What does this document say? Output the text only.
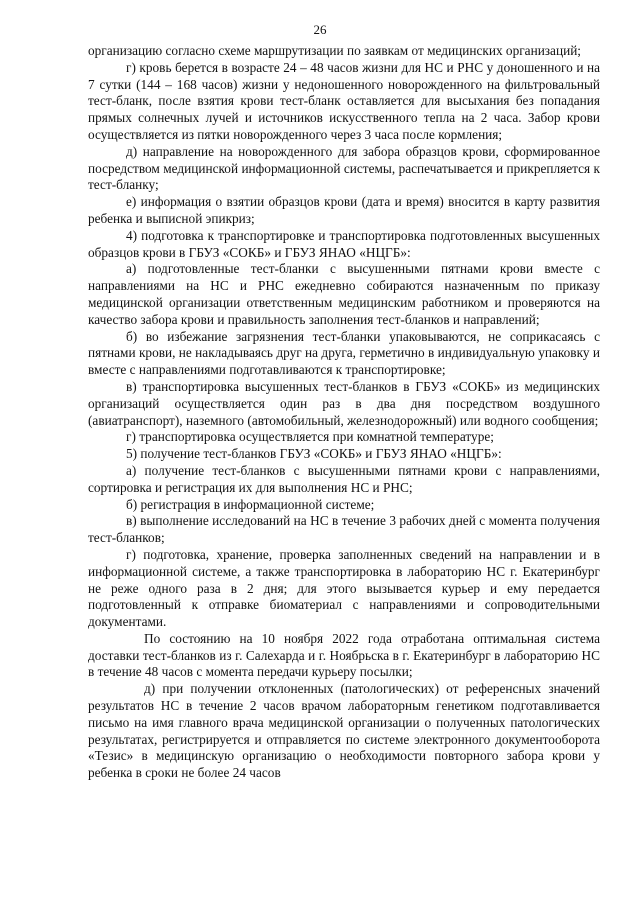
26

организацию согласно схеме маршрутизации по заявкам от медицинских организаций;

г) кровь берется в возрасте 24 – 48 часов жизни для НС и РНС у доношенного и на 7 сутки (144 – 168 часов) жизни у недоношенного новорожденного на фильтровальный тест-бланк, после взятия крови тест-бланк оставляется для высыхания без попадания прямых солнечных лучей и источников искусственного тепла на 2 часа. Забор крови осуществляется из пятки новорожденного через 3 часа после кормления;

д) направление на новорожденного для забора образцов крови, сформированное посредством медицинской информационной системы, распечатывается и прикрепляется к тест-бланку;

е) информация о взятии образцов крови (дата и время) вносится в карту развития ребенка и выписной эпикриз;

4) подготовка к транспортировке и транспортировка подготовленных высушенных образцов крови в ГБУЗ «СОКБ» и ГБУЗ ЯНАО «НЦГБ»:

а) подготовленные тест-бланки с высушенными пятнами крови вместе с направлениями на НС и РНС ежедневно собираются назначенным по приказу медицинской организации ответственным медицинским работником и проверяются на качество забора крови и правильность заполнения тест-бланков и направлений;

б) во избежание загрязнения тест-бланки упаковываются, не соприкасаясь с пятнами крови, не накладываясь друг на друга, герметично в индивидуальную упаковку и вместе с направлениями подготавливаются к транспортировке;

в) транспортировка высушенных тест-бланков в ГБУЗ «СОКБ» из медицинских организаций осуществляется один раз в два дня посредством воздушного (авиатранспорт), наземного (автомобильный, железнодорожный) или водного сообщения;

г) транспортировка осуществляется при комнатной температуре;

5) получение тест-бланков ГБУЗ «СОКБ» и ГБУЗ ЯНАО «НЦГБ»:

а) получение тест-бланков с высушенными пятнами крови с направлениями, сортировка и регистрация их для выполнения НС и РНС;

б) регистрация в информационной системе;

в) выполнение исследований на НС в течение 3 рабочих дней с момента получения тест-бланков;

г) подготовка, хранение, проверка заполненных сведений на направлении и в информационной системе, а также транспортировка в лабораторию НС г. Екатеринбург не реже одного раза в 2 дня; для этого вызывается курьер и ему передается подготовленный к отправке биоматериал с направлениями и сопроводительными документами.

По состоянию на 10 ноября 2022 года отработана оптимальная система доставки тест-бланков из г. Салехарда и г. Ноябрьска в г. Екатеринбург в лабораторию НС в течение 48 часов с момента передачи курьеру посылки;

д) при получении отклоненных (патологических) от референсных значений результатов НС в течение 2 часов врачом лабораторным генетиком подготавливается письмо на имя главного врача медицинской организации о полученных патологических результатах, регистрируется и отправляется по системе электронного документооборота «Тезис» в медицинскую организацию о необходимости повторного забора крови у ребенка в сроки не более 24 часов
